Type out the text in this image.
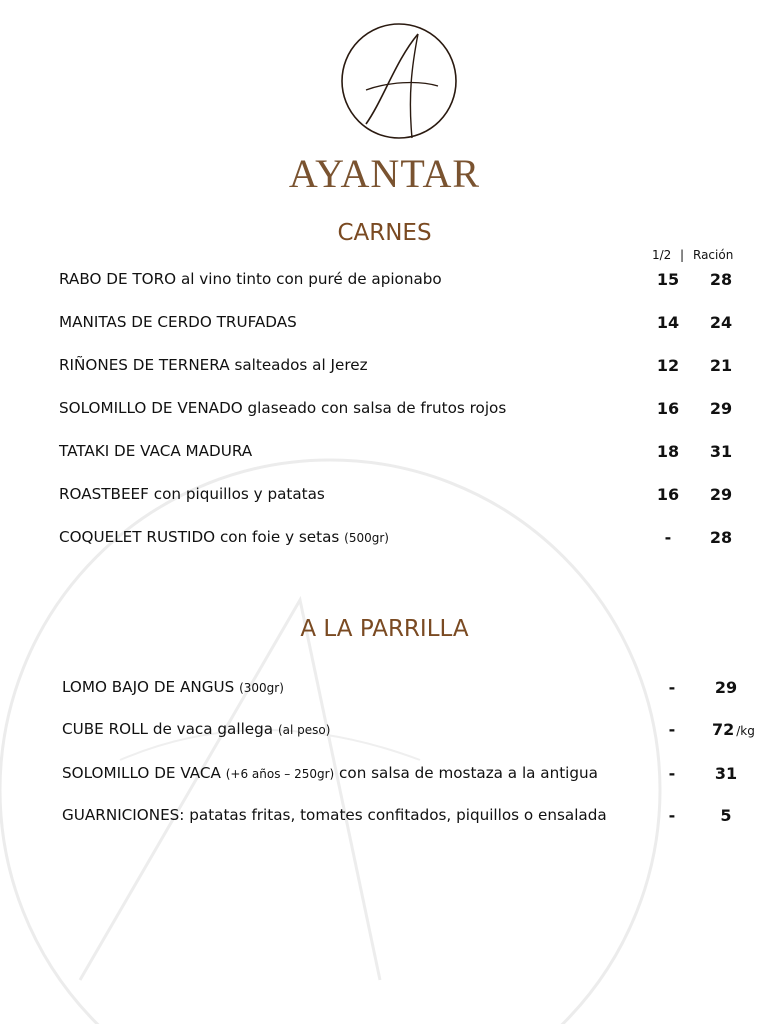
AYANTAR
CARNES
1/2 | Ración
RABO DE TORO al vino tinto con puré de apionabo	15	28
MANITAS DE CERDO TRUFADAS	14	24
RIÑONES DE TERNERA salteados al Jerez	12	21
SOLOMILLO DE VENADO glaseado con salsa de frutos rojos	16	29
TATAKI DE VACA MADURA	18	31
ROASTBEEF con piquillos y patatas	16	29
COQUELET RUSTIDO con foie y setas (500gr)	-	28
A LA PARRILLA
LOMO BAJO DE ANGUS (300gr)	-	29
CUBE ROLL de vaca gallega (al peso)	-	72 /kg
SOLOMILLO DE VACA (+6 años – 250gr) con salsa de mostaza a la antigua	-	31
GUARNICIONES: patatas fritas, tomates confitados, piquillos o ensalada	-	5
